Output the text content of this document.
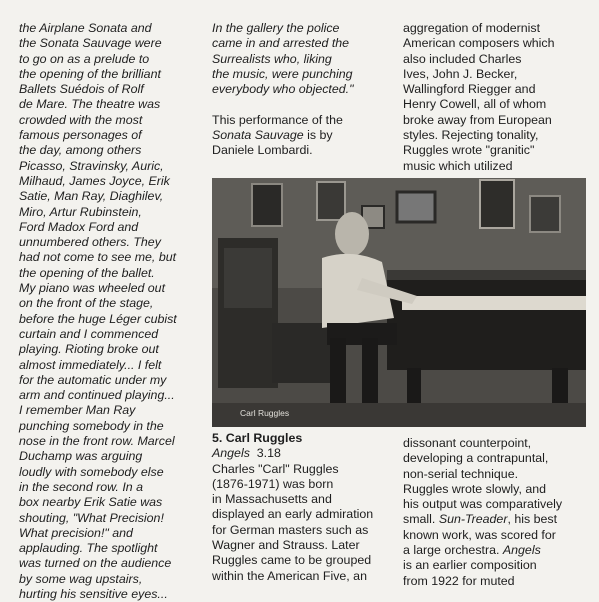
the Airplane Sonata and
the Sonata Sauvage were
to go on as a prelude to
the opening of the brilliant
Ballets Suédois of Rolf
de Mare. The theatre was
crowded with the most
famous personages of
the day, among others
Picasso, Stravinsky, Auric,
Milhaud, James Joyce, Erik
Satie, Man Ray, Diaghilev,
Miro, Artur Rubinstein,
Ford Madox Ford and
unnumbered others. They
had not come to see me, but
the opening of the ballet.
My piano was wheeled out
on the front of the stage,
before the huge Léger cubist
curtain and I commenced
playing. Rioting broke out
almost immediately... I felt
for the automatic under my
arm and continued playing...
I remember Man Ray
punching somebody in the
nose in the front row. Marcel
Duchamp was arguing
loudly with somebody else
in the second row. In a
box nearby Erik Satie was
shouting, "What Precision!
What precision!" and
applauding. The spotlight
was turned on the audience
by some wag upstairs,
hurting his sensitive eyes...
In the gallery the police
came in and arrested the
Surrealists who, liking
the music, were punching
everybody who objected."
This performance of the
Sonata Sauvage is by
Daniele Lombardi.
aggregation of modernist
American composers which
also included Charles
Ives, John J. Becker,
Wallingford Riegger and
Henry Cowell, all of whom
broke away from European
styles. Rejecting tonality,
Ruggles wrote "granitic"
music which utilized
Carl Ruggles
5. Carl Ruggles
Angels 3.18
Charles "Carl" Ruggles
(1876-1971) was born
in Massachusetts and
displayed an early admiration
for German masters such as
Wagner and Strauss. Later
Ruggles came to be grouped
within the American Five, an
dissonant counterpoint,
developing a contrapuntal,
non-serial technique.
Ruggles wrote slowly, and
his output was comparatively
small. Sun-Treader, his best
known work, was scored for
a large orchestra. Angels
is an earlier composition
from 1922 for muted
